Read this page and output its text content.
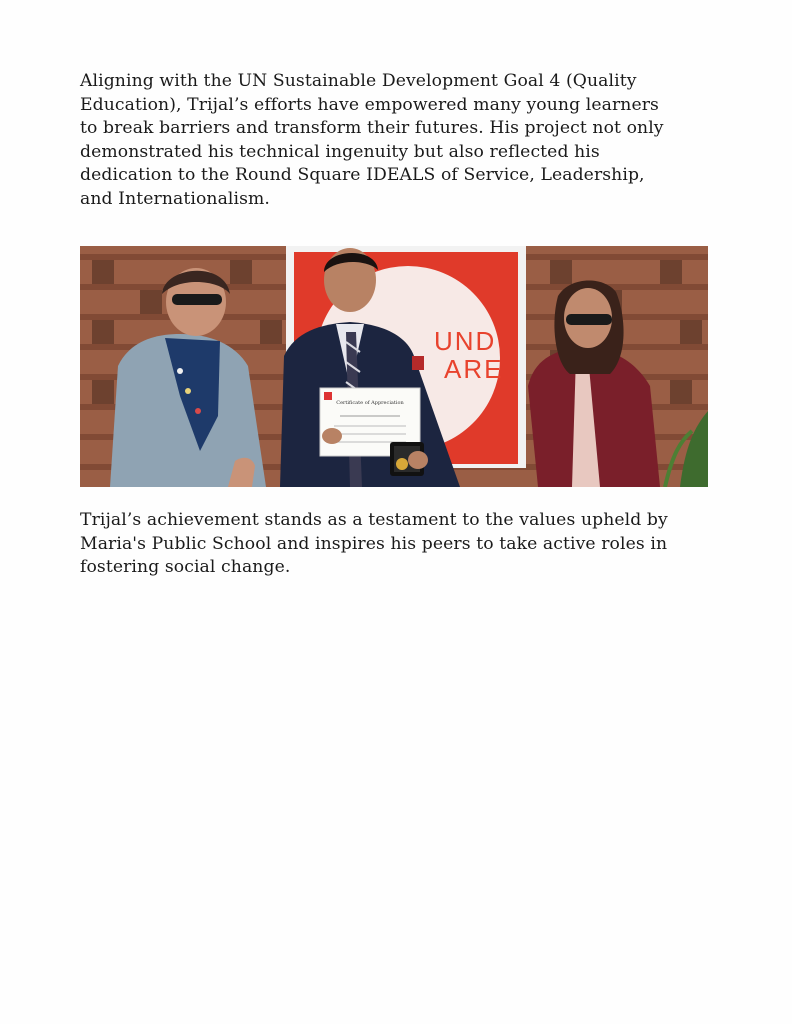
Aligning with the UN Sustainable Development Goal 4 (Quality
Education), Trijal’s efforts have empowered many young learners
to break barriers and transform their futures. His project not only
demonstrated his technical ingenuity but also reflected his
dedication to the Round Square IDEALS of Service, Leadership,
and Internationalism.

UND
ARE
Certificate of Appreciation

Trijal’s achievement stands as a testament to the values upheld by
Maria's Public School and inspires his peers to take active roles in
fostering social change.
